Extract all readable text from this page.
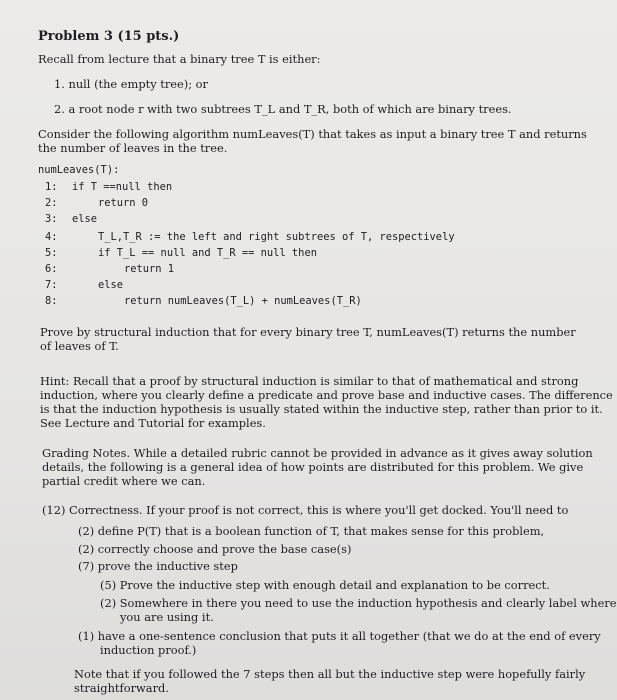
Problem 3 (15 pts.)
Recall from lecture that a binary tree T is either:
1. null (the empty tree); or
2. a root node r with two subtrees T_L and T_R, both of which are binary trees.
Consider the following algorithm numLeaves(T) that takes as input a binary tree T and returns
the number of leaves in the tree.
numLeaves(T):
1: if T ==null then
2:	return 0
3: else
4:	T_L,T_R := the left and right subtrees of T, respectively
5:	if T_L == null and T_R == null then
6:	return 1
7:	else
8:	return numLeaves(T_L) + numLeaves(T_R)
Prove by structural induction that for every binary tree T, numLeaves(T) returns the number
of leaves of T.
Hint: Recall that a proof by structural induction is similar to that of mathematical and strong
induction, where you clearly define a predicate and prove base and inductive cases. The difference
is that the induction hypothesis is usually stated within the inductive step, rather than prior to it.
See Lecture and Tutorial for examples.
Grading Notes. While a detailed rubric cannot be provided in advance as it gives away solution
details, the following is a general idea of how points are distributed for this problem. We give
partial credit where we can.
(12) Correctness. If your proof is not correct, this is where you'll get docked. You'll need to
(2) define P(T) that is a boolean function of T, that makes sense for this problem,
(2) correctly choose and prove the base case(s)
(7) prove the inductive step
(5) Prove the inductive step with enough detail and explanation to be correct.
(2) Somewhere in there you need to use the induction hypothesis and clearly label where
you are using it.
(1) have a one-sentence conclusion that puts it all together (that we do at the end of every
induction proof.)
Note that if you followed the 7 steps then all but the inductive step were hopefully fairly
straightforward.
